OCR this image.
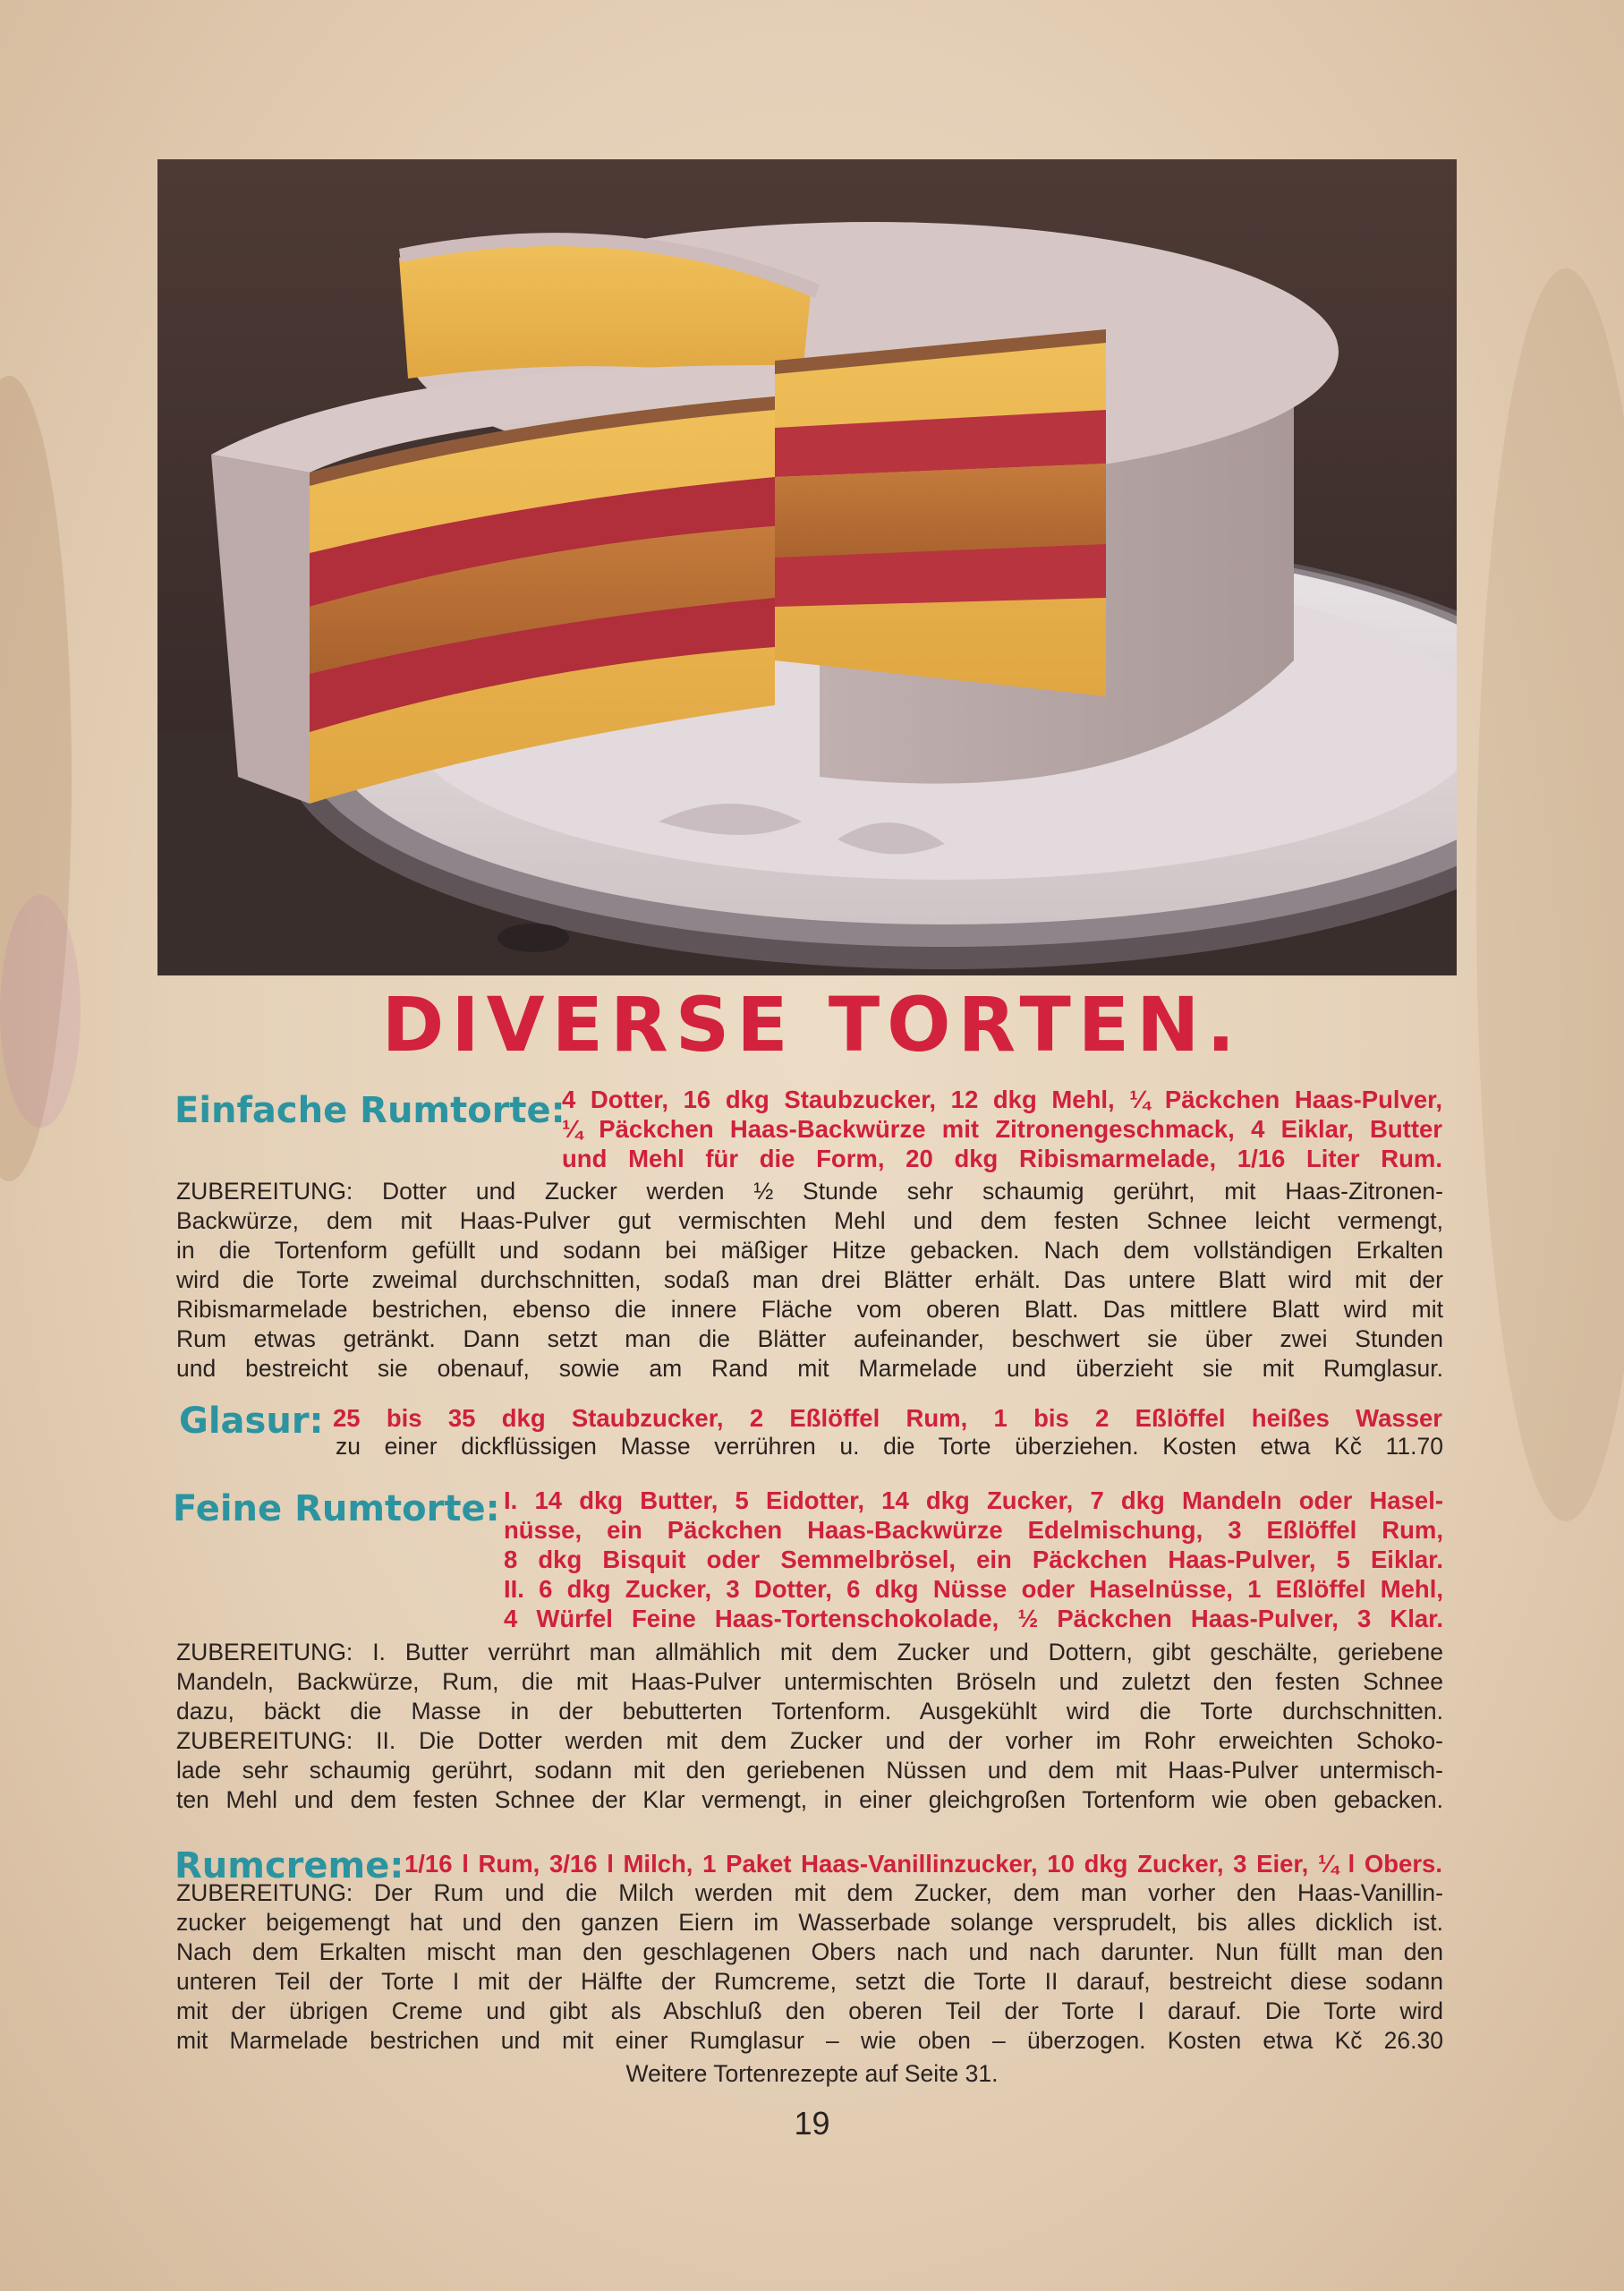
DIVERSE TORTEN.
Einfache Rumtorte:
4 Dotter, 16 dkg Staubzucker, 12 dkg Mehl, ¼ Päckchen Haas-Pulver,
¼ Päckchen Haas-Backwürze mit Zitronengeschmack, 4 Eiklar, Butter
und Mehl für die Form, 20 dkg Ribismarmelade, 1/16 Liter Rum.
ZUBEREITUNG: Dotter und Zucker werden ½ Stunde sehr schaumig gerührt, mit Haas-Zitronen-
Backwürze, dem mit Haas-Pulver gut vermischten Mehl und dem festen Schnee leicht vermengt,
in die Tortenform gefüllt und sodann bei mäßiger Hitze gebacken. Nach dem vollständigen Erkalten
wird die Torte zweimal durchschnitten, sodaß man drei Blätter erhält. Das untere Blatt wird mit der
Ribismarmelade bestrichen, ebenso die innere Fläche vom oberen Blatt. Das mittlere Blatt wird mit
Rum etwas getränkt. Dann setzt man die Blätter aufeinander, beschwert sie über zwei Stunden
und bestreicht sie obenauf, sowie am Rand mit Marmelade und überzieht sie mit Rumglasur.
Glasur: 25 bis 35 dkg Staubzucker, 2 Eßlöffel Rum, 1 bis 2 Eßlöffel heißes Wasser
zu einer dickflüssigen Masse verrühren u. die Torte überziehen. Kosten etwa Kč 11.70
Feine Rumtorte: I. 14 dkg Butter, 5 Eidotter, 14 dkg Zucker, 7 dkg Mandeln oder Hasel-
nüsse, ein Päckchen Haas-Backwürze Edelmischung, 3 Eßlöffel Rum,
8 dkg Bisquit oder Semmelbrösel, ein Päckchen Haas-Pulver, 5 Eiklar.
II. 6 dkg Zucker, 3 Dotter, 6 dkg Nüsse oder Haselnüsse, 1 Eßlöffel Mehl,
4 Würfel Feine Haas-Tortenschokolade, ½ Päckchen Haas-Pulver, 3 Klar.
ZUBEREITUNG: I. Butter verrührt man allmählich mit dem Zucker und Dottern, gibt geschälte, geriebene
Mandeln, Backwürze, Rum, die mit Haas-Pulver untermischten Bröseln und zuletzt den festen Schnee
dazu, bäckt die Masse in der bebutterten Tortenform. Ausgekühlt wird die Torte durchschnitten.
ZUBEREITUNG: II. Die Dotter werden mit dem Zucker und der vorher im Rohr erweichten Schoko-
lade sehr schaumig gerührt, sodann mit den geriebenen Nüssen und dem mit Haas-Pulver untermisch-
ten Mehl und dem festen Schnee der Klar vermengt, in einer gleichgroßen Tortenform wie oben gebacken.
Rumcreme: 1/16 l Rum, 3/16 l Milch, 1 Paket Haas-Vanillinzucker, 10 dkg Zucker, 3 Eier, ¼ l Obers.
ZUBEREITUNG: Der Rum und die Milch werden mit dem Zucker, dem man vorher den Haas-Vanillin-
zucker beigemengt hat und den ganzen Eiern im Wasserbade solange versprudelt, bis alles dicklich ist.
Nach dem Erkalten mischt man den geschlagenen Obers nach und nach darunter. Nun füllt man den
unteren Teil der Torte I mit der Hälfte der Rumcreme, setzt die Torte II darauf, bestreicht diese sodann
mit der übrigen Creme und gibt als Abschluß den oberen Teil der Torte I darauf. Die Torte wird
mit Marmelade bestrichen und mit einer Rumglasur – wie oben – überzogen. Kosten etwa Kč 26.30
Weitere Tortenrezepte auf Seite 31.
19
